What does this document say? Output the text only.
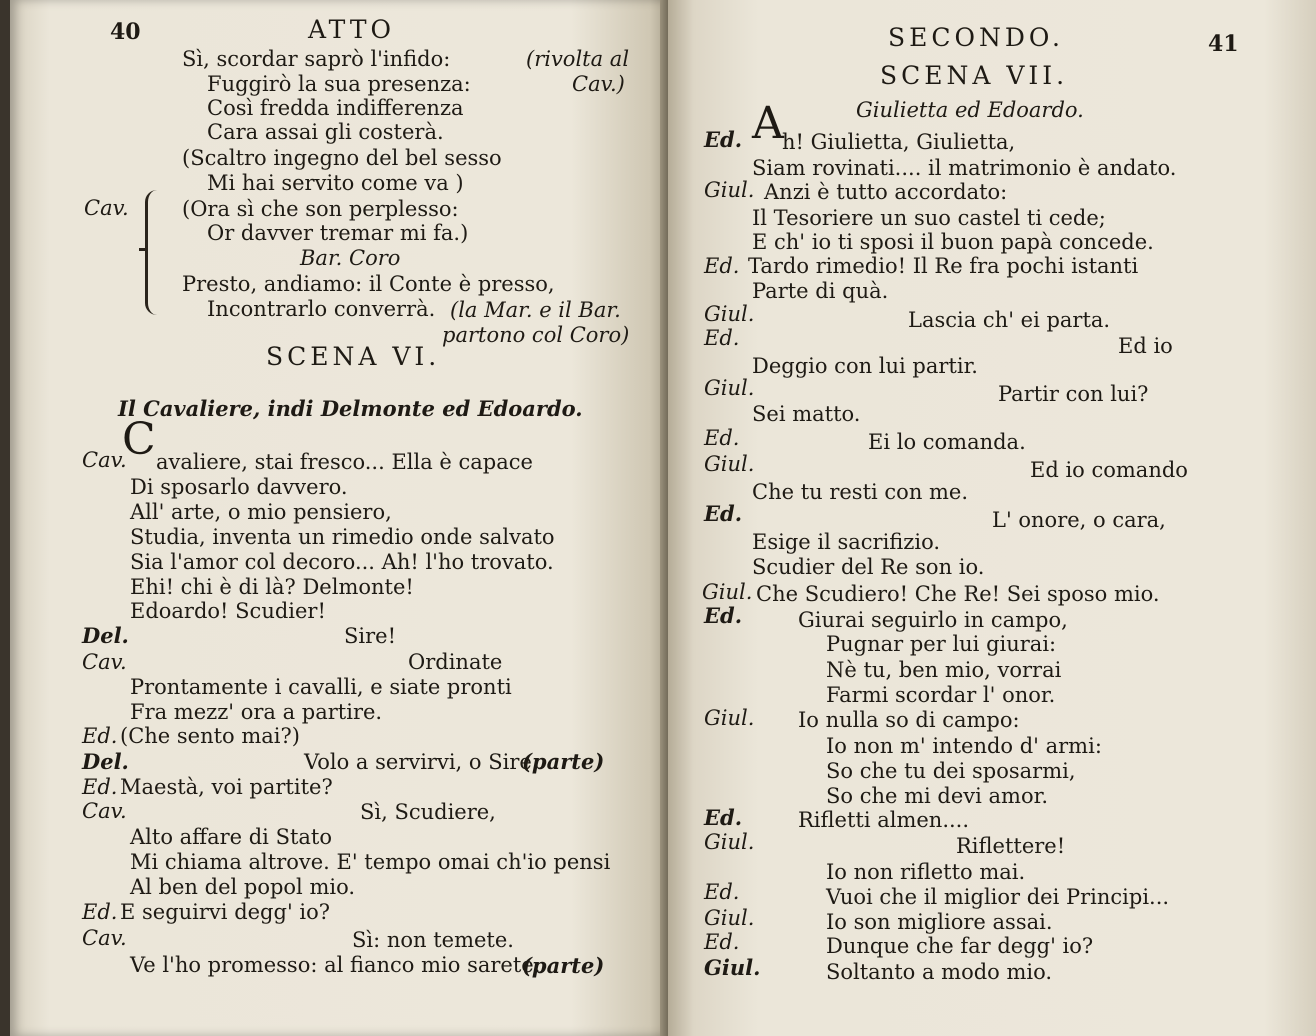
40	ATTO
Sì, scordar saprò l'infido:	(rivolta al
Fuggirò la sua presenza:	Cav.)
Così fredda indifferenza
Cara assai gli costerà.
(Scaltro ingegno del bel sesso
Mi hai servito come va )
Cav.	(Ora sì che son perplesso:
Or davver tremar mi fa.)
Bar. Coro
Presto, andiamo: il Conte è presso,
Incontrarlo converrà. (la Mar. e il Bar.
partono col Coro)
SCENA VI.
Il Cavaliere, indi Delmonte ed Edoardo.
Cav.
C avaliere, stai fresco... Ella è capace
Di sposarlo davvero.
All' arte, o mio pensiero,
Studia, inventa un rimedio onde salvato
Sia l'amor col decoro... Ah! l'ho trovato.
Ehi! chi è di là? Delmonte!
Edoardo! Scudier!
Del.	Sire!
Cav.	Ordinate
Prontamente i cavalli, e siate pronti
Fra mezz' ora a partire.
Ed. (Che sento mai?)
Del.	Volo a servirvi, o Sire.
(parte)
Ed. Maestà, voi partite?
Cav.	Sì, Scudiere,
Alto affare di Stato
Mi chiama altrove. E' tempo omai ch'io pensi
Al ben del popol mio.
Ed. E seguirvi degg' io?
Cav.	Sì: non temete.
Ve l'ho promesso: al fianco mio sarete.
(parte)
SECONDO.	41
SCENA VII.
Giulietta ed Edoardo.
Ed. A
h! Giulietta, Giulietta,
Siam rovinati.... il matrimonio è andato.
Giul. Anzi è tutto accordato:
Il Tesoriere un suo castel ti cede;
E ch' io ti sposi il buon papà concede.
Ed. Tardo rimedio! Il Re fra pochi istanti
Parte di quà.
Giul.	Lascia ch' ei parta.
Ed.	Ed io
Deggio con lui partir.
Giul.	Partir con lui?
Sei matto.
Ed.	Ei lo comanda.
Giul.	Ed io comando
Che tu resti con me.
Ed.	L' onore, o cara,
Esige il sacrifizio.
Scudier del Re son io.
Giul. Che Scudiero! Che Re! Sei sposo mio.
Ed.	Giurai seguirlo in campo,
Pugnar per lui giurai:
Nè tu, ben mio, vorrai
Farmi scordar l' onor.
Giul. Io nulla so di campo:
Io non m' intendo d' armi:
So che tu dei sposarmi,
So che mi devi amor.
Ed.	Rifletti almen....
Giul.	Riflettere!
Io non rifletto mai.
Ed.	Vuoi che il miglior dei Principi...
Giul.	Io son migliore assai.
Ed.	Dunque che far degg' io?
Giul.	Soltanto a modo mio.
